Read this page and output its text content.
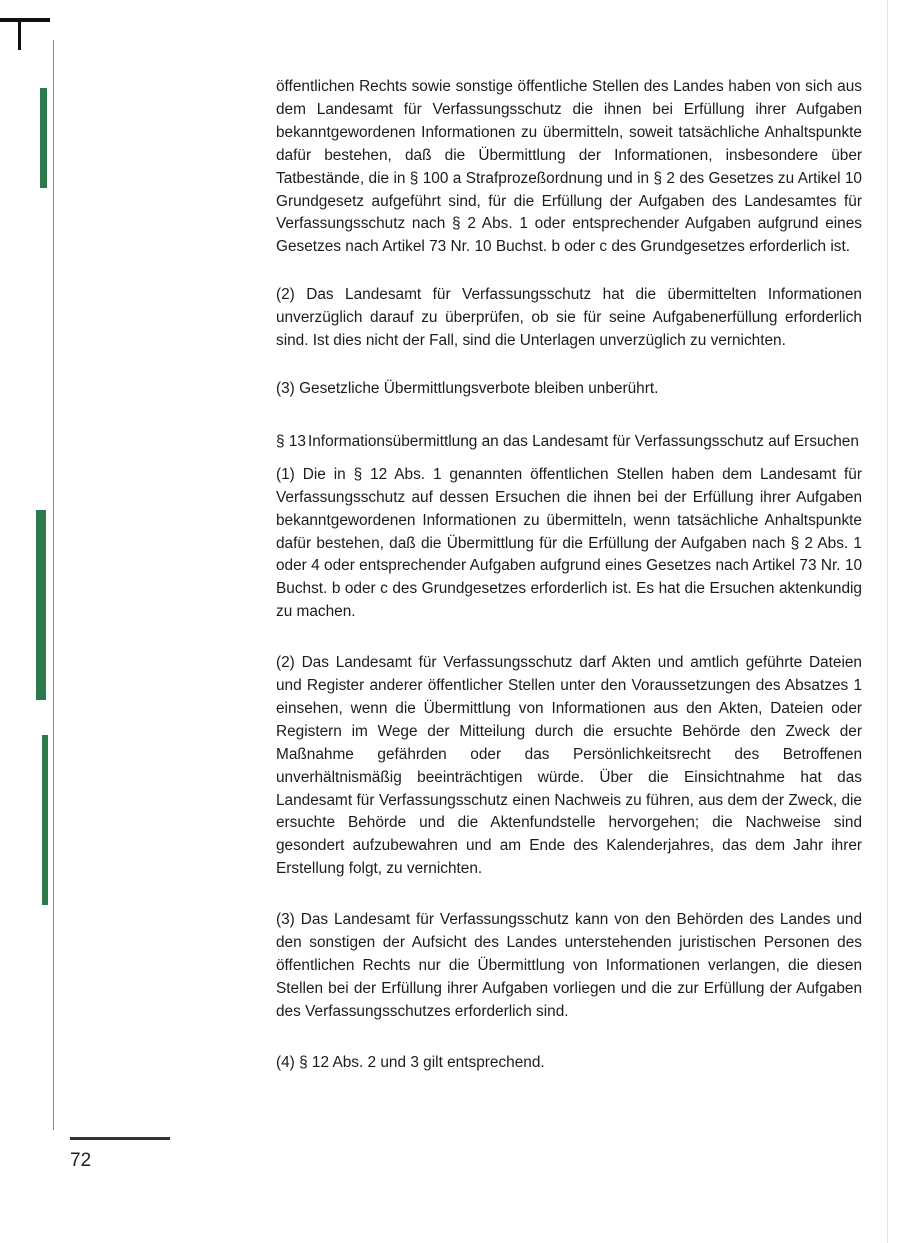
öffentlichen Rechts sowie sonstige öffentliche Stellen des Landes haben von sich aus dem Landesamt für Verfassungsschutz die ihnen bei Erfüllung ihrer Aufgaben bekanntgewordenen Informationen zu übermitteln, soweit tatsächliche Anhaltspunkte dafür bestehen, daß die Übermittlung der Informationen, insbesondere über Tatbestände, die in § 100 a Strafprozeßordnung und in § 2 des Gesetzes zu Artikel 10 Grundgesetz aufgeführt sind, für die Erfüllung der Aufgaben des Landesamtes für Verfassungsschutz nach § 2 Abs. 1 oder entsprechender Aufgaben aufgrund eines Gesetzes nach Artikel 73 Nr. 10 Buchst. b oder c des Grundgesetzes erforderlich ist.

(2) Das Landesamt für Verfassungsschutz hat die übermittelten Informationen unverzüglich darauf zu überprüfen, ob sie für seine Aufgabenerfüllung erforderlich sind. Ist dies nicht der Fall, sind die Unterlagen unverzüglich zu vernichten.

(3) Gesetzliche Übermittlungsverbote bleiben unberührt.

§ 13 Informationsübermittlung an das Landesamt für Verfassungsschutz auf Ersuchen

(1) Die in § 12 Abs. 1 genannten öffentlichen Stellen haben dem Landesamt für Verfassungsschutz auf dessen Ersuchen die ihnen bei der Erfüllung ihrer Aufgaben bekanntgewordenen Informationen zu übermitteln, wenn tatsächliche Anhaltspunkte dafür bestehen, daß die Übermittlung für die Erfüllung der Aufgaben nach § 2 Abs. 1 oder 4 oder entsprechender Aufgaben aufgrund eines Gesetzes nach Artikel 73 Nr. 10 Buchst. b oder c des Grundgesetzes erforderlich ist. Es hat die Ersuchen aktenkundig zu machen.

(2) Das Landesamt für Verfassungsschutz darf Akten und amtlich geführte Dateien und Register anderer öffentlicher Stellen unter den Voraussetzungen des Absatzes 1 einsehen, wenn die Übermittlung von Informationen aus den Akten, Dateien oder Registern im Wege der Mitteilung durch die ersuchte Behörde den Zweck der Maßnahme gefährden oder das Persönlichkeitsrecht des Betroffenen unverhältnismäßig beeinträchtigen würde. Über die Einsichtnahme hat das Landesamt für Verfassungsschutz einen Nachweis zu führen, aus dem der Zweck, die ersuchte Behörde und die Aktenfundstelle hervorgehen; die Nachweise sind gesondert aufzubewahren und am Ende des Kalenderjahres, das dem Jahr ihrer Erstellung folgt, zu vernichten.

(3) Das Landesamt für Verfassungsschutz kann von den Behörden des Landes und den sonstigen der Aufsicht des Landes unterstehenden juristischen Personen des öffentlichen Rechts nur die Übermittlung von Informationen verlangen, die diesen Stellen bei der Erfüllung ihrer Aufgaben vorliegen und die zur Erfüllung der Aufgaben des Verfassungsschutzes erforderlich sind.

(4) § 12 Abs. 2 und 3 gilt entsprechend.

72
